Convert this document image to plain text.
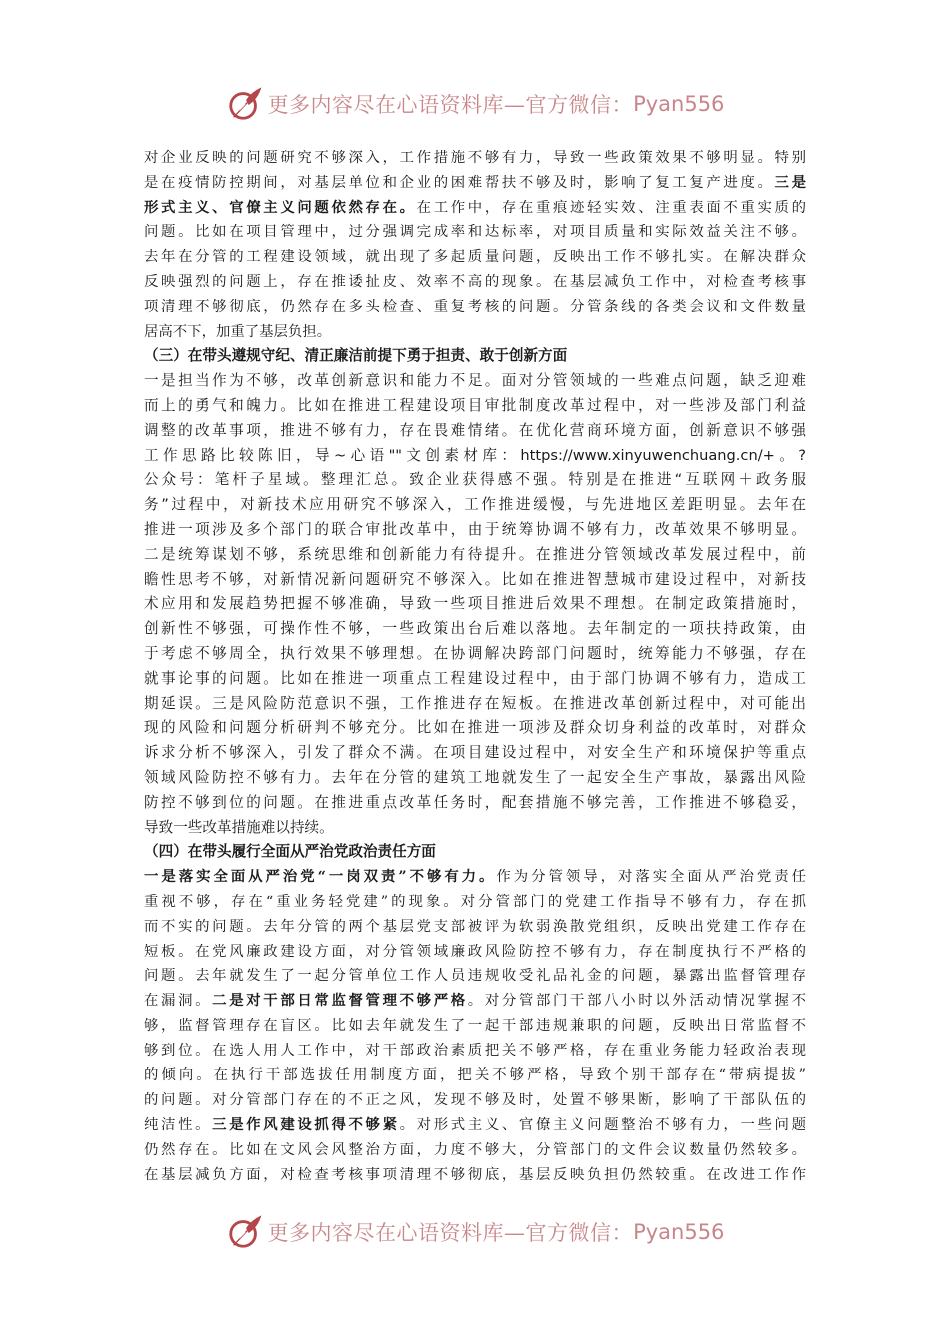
更多内容尽在心语资料库—官方微信： Pyan556
对企业反映的问题研究不够深入，工作措施不够有力，导致一些政策效果不够明显。特别
是在疫情防控期间，对基层单位和企业的困难帮扶不够及时，影响了复工复产进度。三是
形式主义、官僚主义问题依然存在。在工作中，存在重痕迹轻实效、注重表面不重实质的
问题。比如在项目管理中，过分强调完成率和达标率，对项目质量和实际效益关注不够。
去年在分管的工程建设领域，就出现了多起质量问题，反映出工作不够扎实。在解决群众
反映强烈的问题上，存在推诿扯皮、效率不高的现象。在基层减负工作中，对检查考核事
项清理不够彻底，仍然存在多头检查、重复考核的问题。分管条线的各类会议和文件数量
居高不下，加重了基层负担。
（三）在带头遵规守纪、清正廉洁前提下勇于担责、敢于创新方面
一是担当作为不够，改革创新意识和能力不足。面对分管领域的一些难点问题，缺乏迎难
而上的勇气和魄力。比如在推进工程建设项目审批制度改革过程中，对一些涉及部门利益
调整的改革事项，推进不够有力，存在畏难情绪。在优化营商环境方面，创新意识不够强
工作思路比较陈旧，导~心语""文创素材库：https://www.xinyuwenchuang.cn/+。?
公众号：笔杆子星域。整理汇总。致企业获得感不强。特别是在推进“互联网＋政务服
务”过程中，对新技术应用研究不够深入，工作推进缓慢，与先进地区差距明显。去年在
推进一项涉及多个部门的联合审批改革中，由于统筹协调不够有力，改革效果不够明显。
二是统筹谋划不够，系统思维和创新能力有待提升。在推进分管领域改革发展过程中，前
瞻性思考不够，对新情况新问题研究不够深入。比如在推进智慧城市建设过程中，对新技
术应用和发展趋势把握不够准确，导致一些项目推进后效果不理想。在制定政策措施时，
创新性不够强，可操作性不够，一些政策出台后难以落地。去年制定的一项扶持政策，由
于考虑不够周全，执行效果不够理想。在协调解决跨部门问题时，统筹能力不够强，存在
就事论事的问题。比如在推进一项重点工程建设过程中，由于部门协调不够有力，造成工
期延误。三是风险防范意识不强，工作推进存在短板。在推进改革创新过程中，对可能出
现的风险和问题分析研判不够充分。比如在推进一项涉及群众切身利益的改革时，对群众
诉求分析不够深入，引发了群众不满。在项目建设过程中，对安全生产和环境保护等重点
领域风险防控不够有力。去年在分管的建筑工地就发生了一起安全生产事故，暴露出风险
防控不够到位的问题。在推进重点改革任务时，配套措施不够完善，工作推进不够稳妥，
导致一些改革措施难以持续。
（四）在带头履行全面从严治党政治责任方面
一是落实全面从严治党“一岗双责”不够有力。作为分管领导，对落实全面从严治党责任
重视不够，存在“重业务轻党建”的现象。对分管部门的党建工作指导不够有力，存在抓
而不实的问题。去年分管的两个基层党支部被评为软弱涣散党组织，反映出党建工作存在
短板。在党风廉政建设方面，对分管领域廉政风险防控不够有力，存在制度执行不严格的
问题。去年就发生了一起分管单位工作人员违规收受礼品礼金的问题，暴露出监督管理存
在漏洞。二是对干部日常监督管理不够严格。对分管部门干部八小时以外活动情况掌握不
够，监督管理存在盲区。比如去年就发生了一起干部违规兼职的问题，反映出日常监督不
够到位。在选人用人工作中，对干部政治素质把关不够严格，存在重业务能力轻政治表现
的倾向。在执行干部选拔任用制度方面，把关不够严格，导致个别干部存在“带病提拔”
的问题。对分管部门存在的不正之风，发现不够及时，处置不够果断，影响了干部队伍的
纯洁性。三是作风建设抓得不够紧。对形式主义、官僚主义问题整治不够有力，一些问题
仍然存在。比如在文风会风整治方面，力度不够大，分管部门的文件会议数量仍然较多。
在基层减负方面，对检查考核事项清理不够彻底，基层反映负担仍然较重。在改进工作作
更多内容尽在心语资料库—官方微信： Pyan556
